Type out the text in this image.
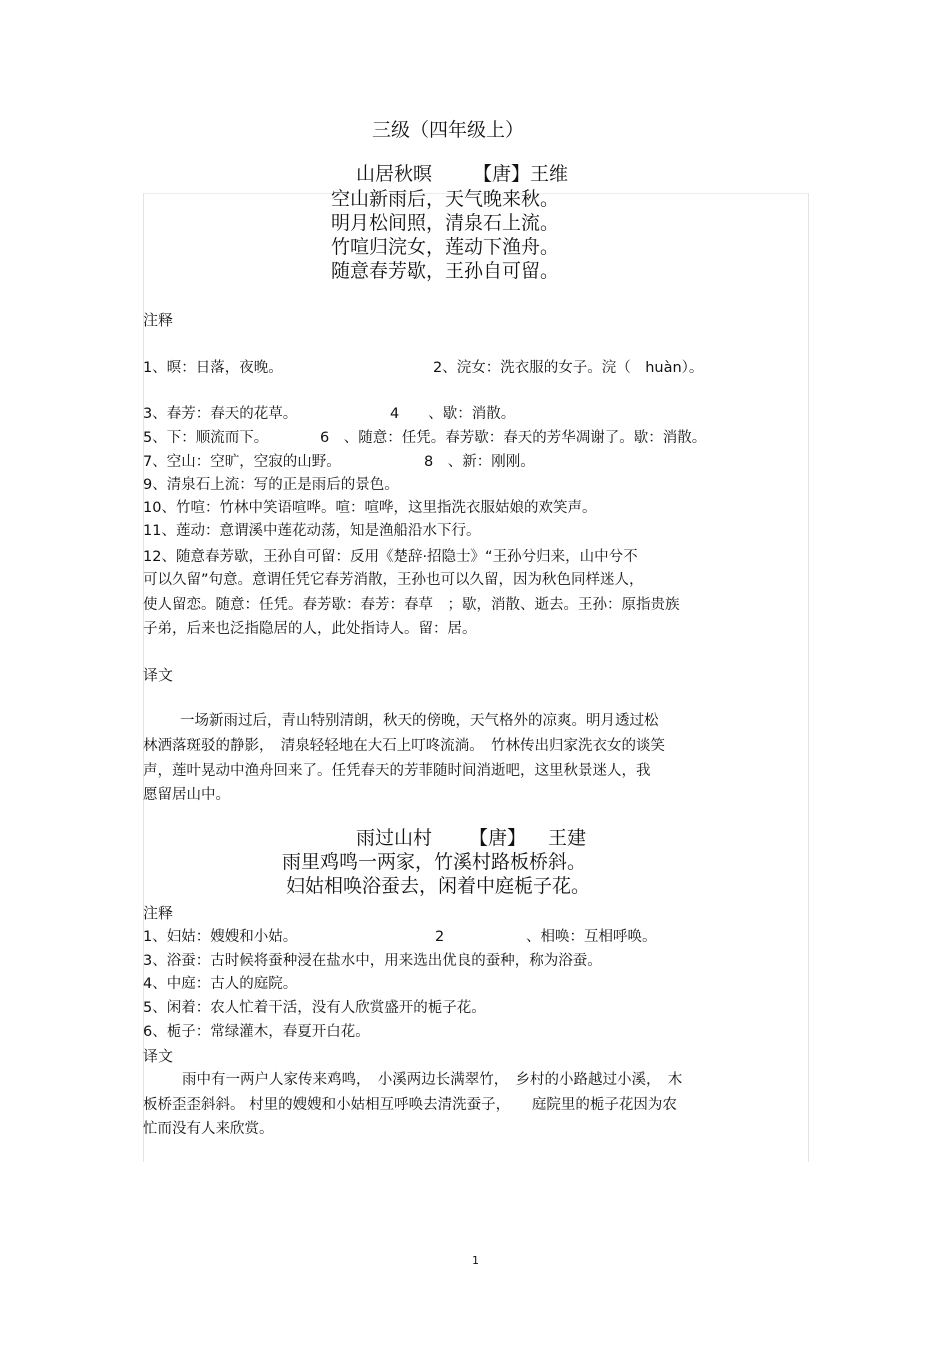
三级（四年级上）
山居秋暝 【唐】王维
空山新雨后，天气晚来秋。
明月松间照，清泉石上流。
竹喧归浣女，莲动下渔舟。
随意春芳歇，王孙自可留。
注释
1、暝：日落，夜晚。	2、浣女：洗衣服的女子。浣（　huàn）。
3、春芳：春天的花草。	4　　、歇：消散。
5、下：顺流而下。	6　、随意：任凭。春芳歇：春天的芳华凋谢了。歇：消散。
7、空山：空旷，空寂的山野。	8　、新：刚刚。
9、清泉石上流：写的正是雨后的景色。
10、竹喧：竹林中笑语喧哗。喧：喧哗，这里指洗衣服姑娘的欢笑声。
11、莲动：意谓溪中莲花动荡，知是渔船沿水下行。
12、随意春芳歇，王孙自可留：反用《楚辞·招隐士》“王孙兮归来，山中兮不
可以久留”句意。意谓任凭它春芳消散，王孙也可以久留，因为秋色同样迷人，
使人留恋。随意：任凭。春芳歇：春芳：春草　；歇，消散、逝去。王孙：原指贵族
子弟，后来也泛指隐居的人，此处指诗人。留：居。
译文
一场新雨过后，青山特别清朗，秋天的傍晚，天气格外的凉爽。明月透过松
林洒落斑驳的静影，　清泉轻轻地在大石上叮咚流淌。　竹林传出归家洗衣女的谈笑
声，莲叶晃动中渔舟回来了。任凭春天的芳菲随时间消逝吧，这里秋景迷人，我
愿留居山中。
雨过山村 【唐】 王建
雨里鸡鸣一两家，竹溪村路板桥斜。
妇姑相唤浴蚕去，闲着中庭栀子花。
注释
1、妇姑：嫂嫂和小姑。	2	、相唤：互相呼唤。
3、浴蚕：古时候将蚕种浸在盐水中，用来选出优良的蚕种，称为浴蚕。
4、中庭：古人的庭院。
5、闲着：农人忙着干活，没有人欣赏盛开的栀子花。
6、栀子：常绿灌木，春夏开白花。
译文
雨中有一两户人家传来鸡鸣，　小溪两边长满翠竹，　乡村的小路越过小溪，　木
板桥歪歪斜斜。 村里的嫂嫂和小姑相互呼唤去清洗蚕子，　　庭院里的栀子花因为农
忙而没有人来欣赏。
1
